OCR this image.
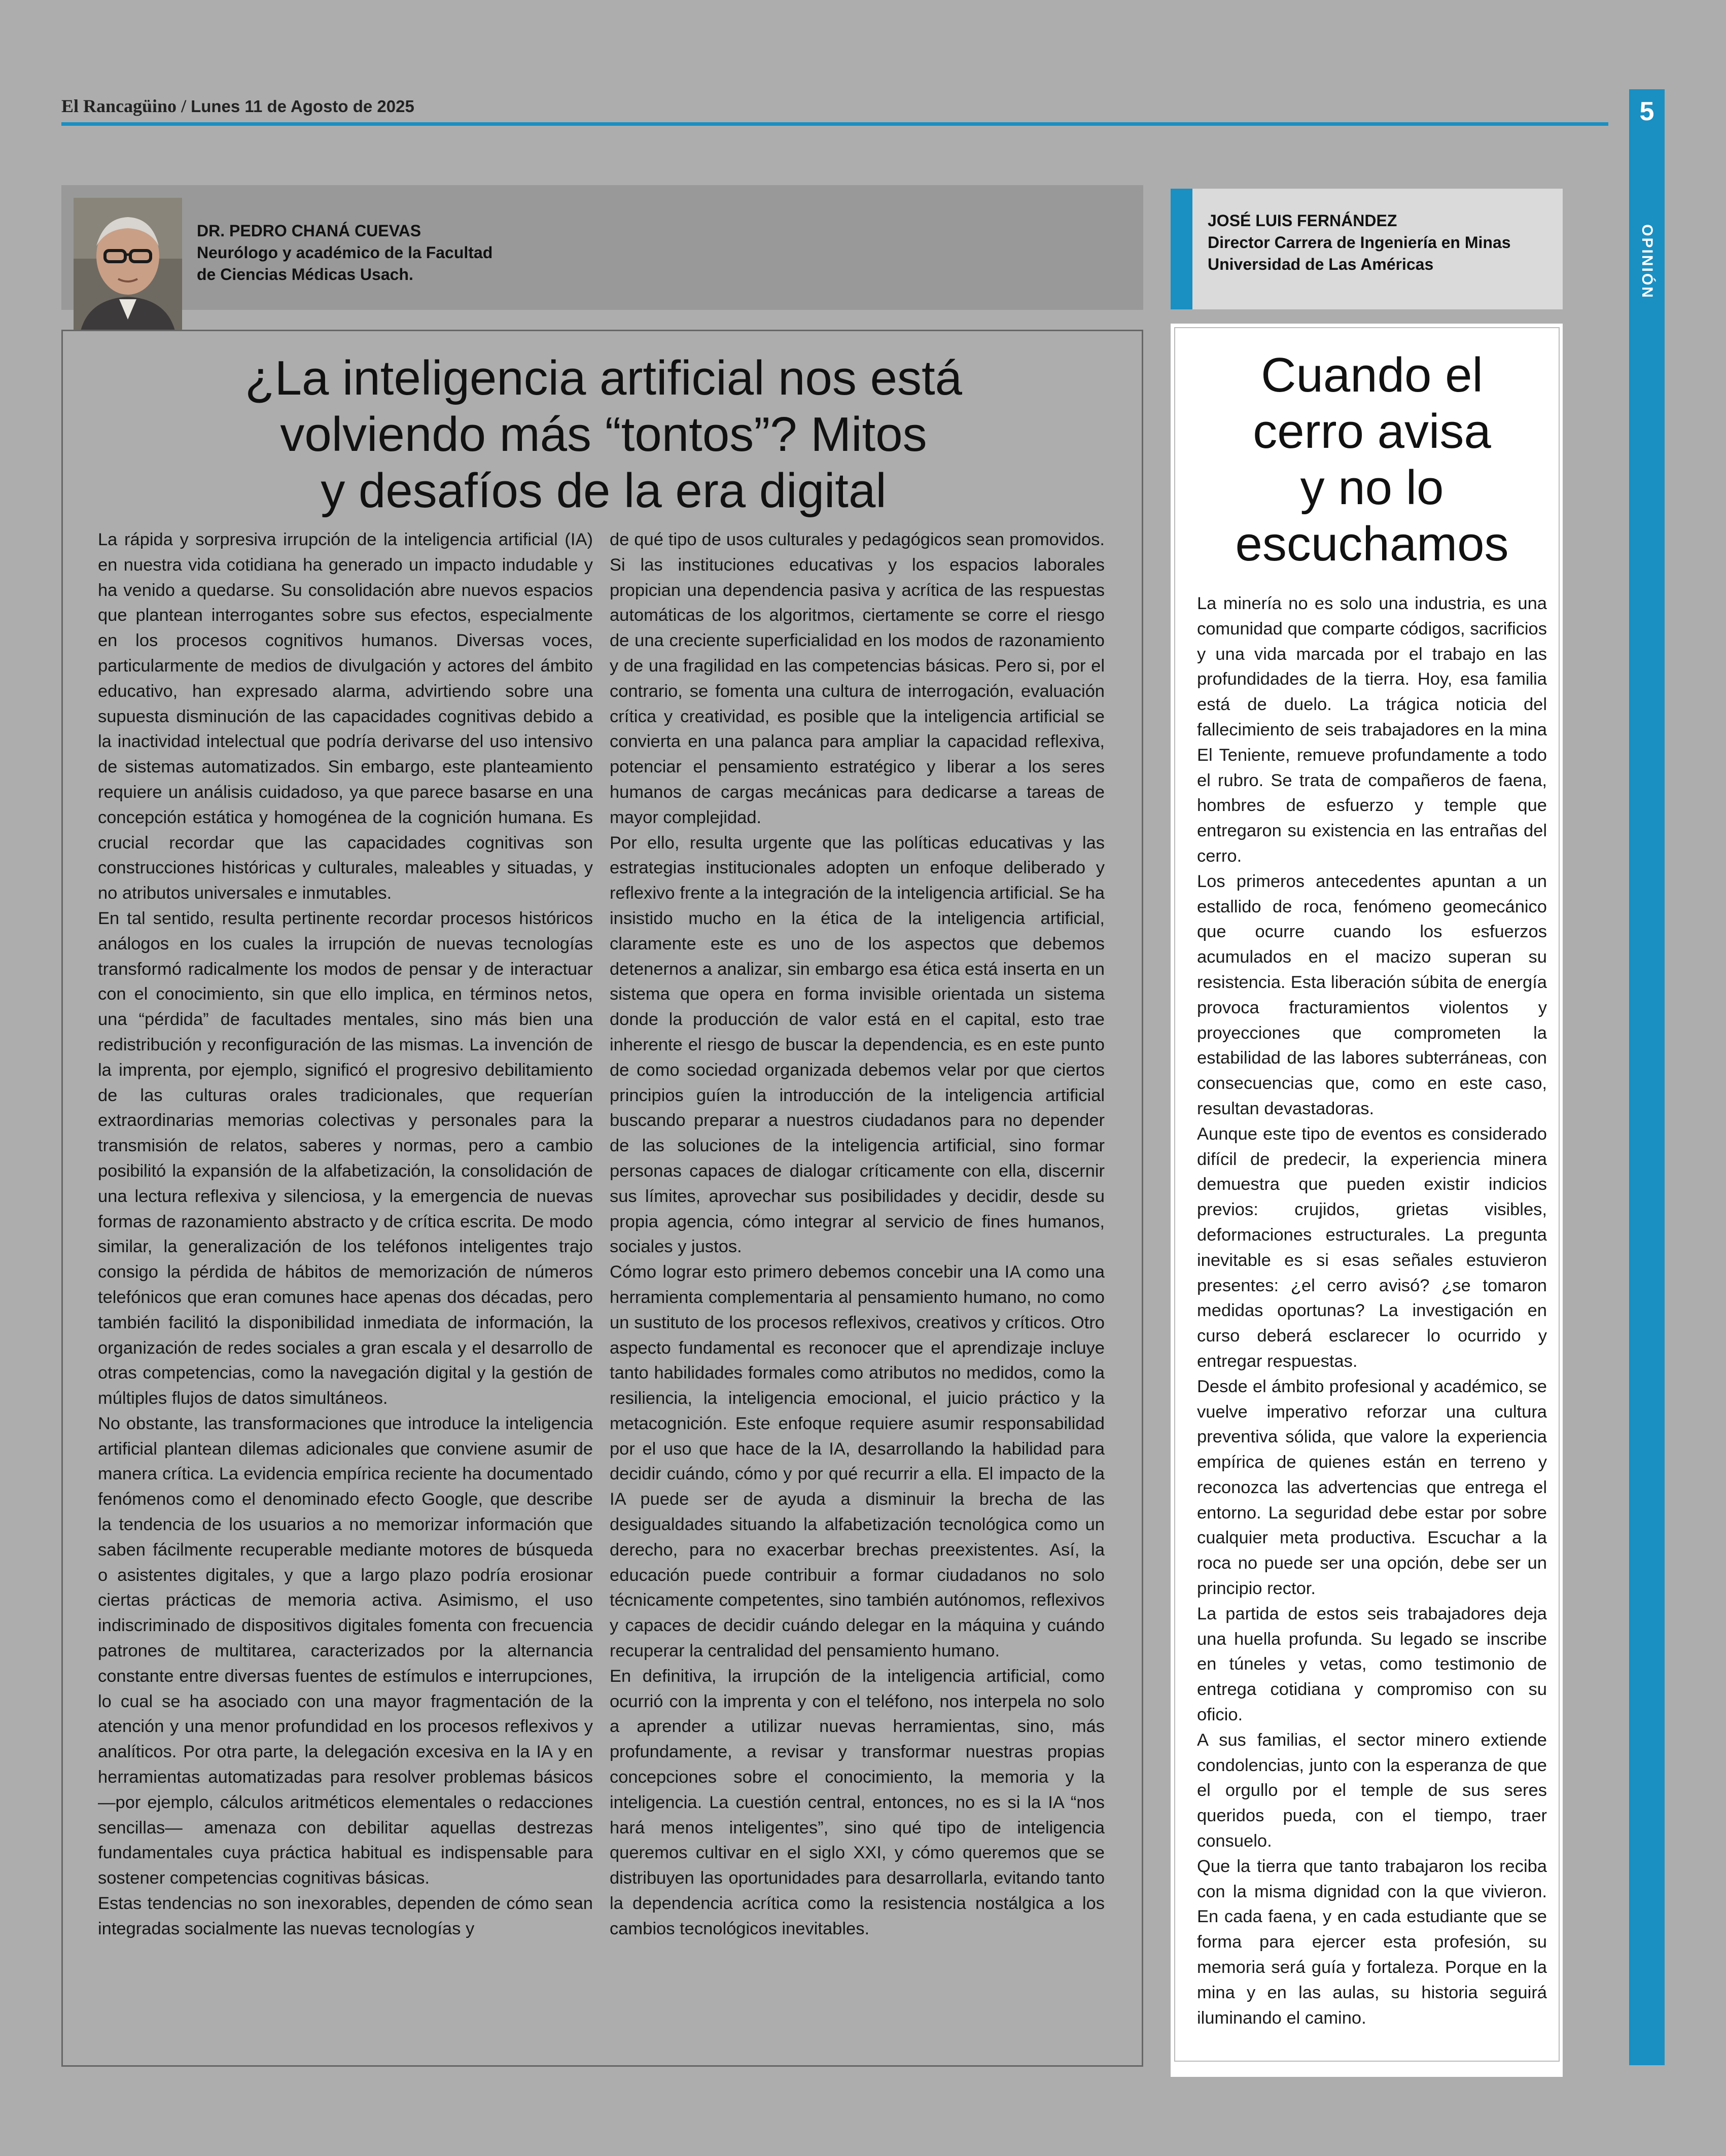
El Rancagüino / Lunes 11 de Agosto de 2025	5
OPINIÓN
DR. PEDRO CHANÁ CUEVAS
Neurólogo y académico de la Facultad
de Ciencias Médicas Usach.
¿La inteligencia artificial nos está
volviendo más “tontos”? Mitos
y desafíos de la era digital

La rápida y sorpresiva irrupción de la inteligencia artificial (IA) en nuestra vida cotidiana ha generado un impacto indudable y ha venido a quedarse. Su consolidación abre nuevos espacios que plantean interrogantes sobre sus efectos, especialmente en los procesos cognitivos humanos. Diversas voces, particularmente de medios de divulgación y actores del ámbito educativo, han expresado alarma, advirtiendo sobre una supuesta disminución de las capacidades cognitivas debido a la inactividad intelectual que podría derivarse del uso intensivo de sistemas automatizados. Sin embargo, este planteamiento requiere un análisis cuidadoso, ya que parece basarse en una concepción estática y homogénea de la cognición humana. Es crucial recordar que las capacidades cognitivas son construcciones históricas y culturales, maleables y situadas, y no atributos universales e inmutables.

En tal sentido, resulta pertinente recordar procesos históricos análogos en los cuales la irrupción de nuevas tecnologías transformó radicalmente los modos de pensar y de interactuar con el conocimiento, sin que ello implica, en términos netos, una “pérdida” de facultades mentales, sino más bien una redistribución y reconfiguración de las mismas. La invención de la imprenta, por ejemplo, significó el progresivo debilitamiento de las culturas orales tradicionales, que requerían extraordinarias memorias colectivas y personales para la transmisión de relatos, saberes y normas, pero a cambio posibilitó la expansión de la alfabetización, la consolidación de una lectura reflexiva y silenciosa, y la emergencia de nuevas formas de razonamiento abstracto y de crítica escrita. De modo similar, la generalización de los teléfonos inteligentes trajo consigo la pérdida de hábitos de memorización de números telefónicos que eran comunes hace apenas dos décadas, pero también facilitó la disponibilidad inmediata de información, la organización de redes sociales a gran escala y el desarrollo de otras competencias, como la navegación digital y la gestión de múltiples flujos de datos simultáneos.

No obstante, las transformaciones que introduce la inteligencia artificial plantean dilemas adicionales que conviene asumir de manera crítica. La evidencia empírica reciente ha documentado fenómenos como el denominado efecto Google, que describe la tendencia de los usuarios a no memorizar información que saben fácilmente recuperable mediante motores de búsqueda o asistentes digitales, y que a largo plazo podría erosionar ciertas prácticas de memoria activa. Asimismo, el uso indiscriminado de dispositivos digitales fomenta con frecuencia patrones de multitarea, caracterizados por la alternancia constante entre diversas fuentes de estímulos e interrupciones, lo cual se ha asociado con una mayor fragmentación de la atención y una menor profundidad en los procesos reflexivos y analíticos. Por otra parte, la delegación excesiva en la IA y en herramientas automatizadas para resolver problemas básicos —por ejemplo, cálculos aritméticos elementales o redacciones sencillas— amenaza con debilitar aquellas destrezas fundamentales cuya práctica habitual es indispensable para sostener competencias cognitivas básicas.

Estas tendencias no son inexorables, dependen de cómo sean integradas socialmente las nuevas tecnologías y

de qué tipo de usos culturales y pedagógicos sean promovidos. Si las instituciones educativas y los espacios laborales propician una dependencia pasiva y acrítica de las respuestas automáticas de los algoritmos, ciertamente se corre el riesgo de una creciente superficialidad en los modos de razonamiento y de una fragilidad en las competencias básicas. Pero si, por el contrario, se fomenta una cultura de interrogación, evaluación crítica y creatividad, es posible que la inteligencia artificial se convierta en una palanca para ampliar la capacidad reflexiva, potenciar el pensamiento estratégico y liberar a los seres humanos de cargas mecánicas para dedicarse a tareas de mayor complejidad.

Por ello, resulta urgente que las políticas educativas y las estrategias institucionales adopten un enfoque deliberado y reflexivo frente a la integración de la inteligencia artificial. Se ha insistido mucho en la ética de la inteligencia artificial, claramente este es uno de los aspectos que debemos detenernos a analizar, sin embargo esa ética está inserta en un sistema que opera en forma invisible orientada un sistema donde la producción de valor está en el capital, esto trae inherente el riesgo de buscar la dependencia, es en este punto de como sociedad organizada debemos velar por que ciertos principios guíen la introducción de la inteligencia artificial buscando preparar a nuestros ciudadanos para no depender de las soluciones de la inteligencia artificial, sino formar personas capaces de dialogar críticamente con ella, discernir sus límites, aprovechar sus posibilidades y decidir, desde su propia agencia, cómo integrar al servicio de fines humanos, sociales y justos.

Cómo lograr esto primero debemos concebir una IA como una herramienta complementaria al pensamiento humano, no como un sustituto de los procesos reflexivos, creativos y críticos. Otro aspecto fundamental es reconocer que el aprendizaje incluye tanto habilidades formales como atributos no medidos, como la resiliencia, la inteligencia emocional, el juicio práctico y la metacognición. Este enfoque requiere asumir responsabilidad por el uso que hace de la IA, desarrollando la habilidad para decidir cuándo, cómo y por qué recurrir a ella. El impacto de la IA puede ser de ayuda a disminuir la brecha de las desigualdades situando la alfabetización tecnológica como un derecho, para no exacerbar brechas preexistentes. Así, la educación puede contribuir a formar ciudadanos no solo técnicamente competentes, sino también autónomos, reflexivos y capaces de decidir cuándo delegar en la máquina y cuándo recuperar la centralidad del pensamiento humano.

En definitiva, la irrupción de la inteligencia artificial, como ocurrió con la imprenta y con el teléfono, nos interpela no solo a aprender a utilizar nuevas herramientas, sino, más profundamente, a revisar y transformar nuestras propias concepciones sobre el conocimiento, la memoria y la inteligencia. La cuestión central, entonces, no es si la IA “nos hará menos inteligentes”, sino qué tipo de inteligencia queremos cultivar en el siglo XXI, y cómo queremos que se distribuyen las oportunidades para desarrollarla, evitando tanto la dependencia acrítica como la resistencia nostálgica a los cambios tecnológicos inevitables.

JOSÉ LUIS FERNÁNDEZ
Director Carrera de Ingeniería en Minas
Universidad de Las Américas
Cuando el
cerro avisa
y no lo
escuchamos

La minería no es solo una industria, es una comunidad que comparte códigos, sacrificios y una vida marcada por el trabajo en las profundidades de la tierra. Hoy, esa familia está de duelo. La trágica noticia del fallecimiento de seis trabajadores en la mina El Teniente, remueve profundamente a todo el rubro. Se trata de compañeros de faena, hombres de esfuerzo y temple que entregaron su existencia en las entrañas del cerro.

Los primeros antecedentes apuntan a un estallido de roca, fenómeno geomecánico que ocurre cuando los esfuerzos acumulados en el macizo superan su resistencia. Esta liberación súbita de energía provoca fracturamientos violentos y proyecciones que comprometen la estabilidad de las labores subterráneas, con consecuencias que, como en este caso, resultan devastadoras.

Aunque este tipo de eventos es considerado difícil de predecir, la experiencia minera demuestra que pueden existir indicios previos: crujidos, grietas visibles, deformaciones estructurales. La pregunta inevitable es si esas señales estuvieron presentes: ¿el cerro avisó? ¿se tomaron medidas oportunas? La investigación en curso deberá esclarecer lo ocurrido y entregar respuestas.

Desde el ámbito profesional y académico, se vuelve imperativo reforzar una cultura preventiva sólida, que valore la experiencia empírica de quienes están en terreno y reconozca las advertencias que entrega el entorno. La seguridad debe estar por sobre cualquier meta productiva. Escuchar a la roca no puede ser una opción, debe ser un principio rector.

La partida de estos seis trabajadores deja una huella profunda. Su legado se inscribe en túneles y vetas, como testimonio de entrega cotidiana y compromiso con su oficio.

A sus familias, el sector minero extiende condolencias, junto con la esperanza de que el orgullo por el temple de sus seres queridos pueda, con el tiempo, traer consuelo.

Que la tierra que tanto trabajaron los reciba con la misma dignidad con la que vivieron. En cada faena, y en cada estudiante que se forma para ejercer esta profesión, su memoria será guía y fortaleza. Porque en la mina y en las aulas, su historia seguirá iluminando el camino.
